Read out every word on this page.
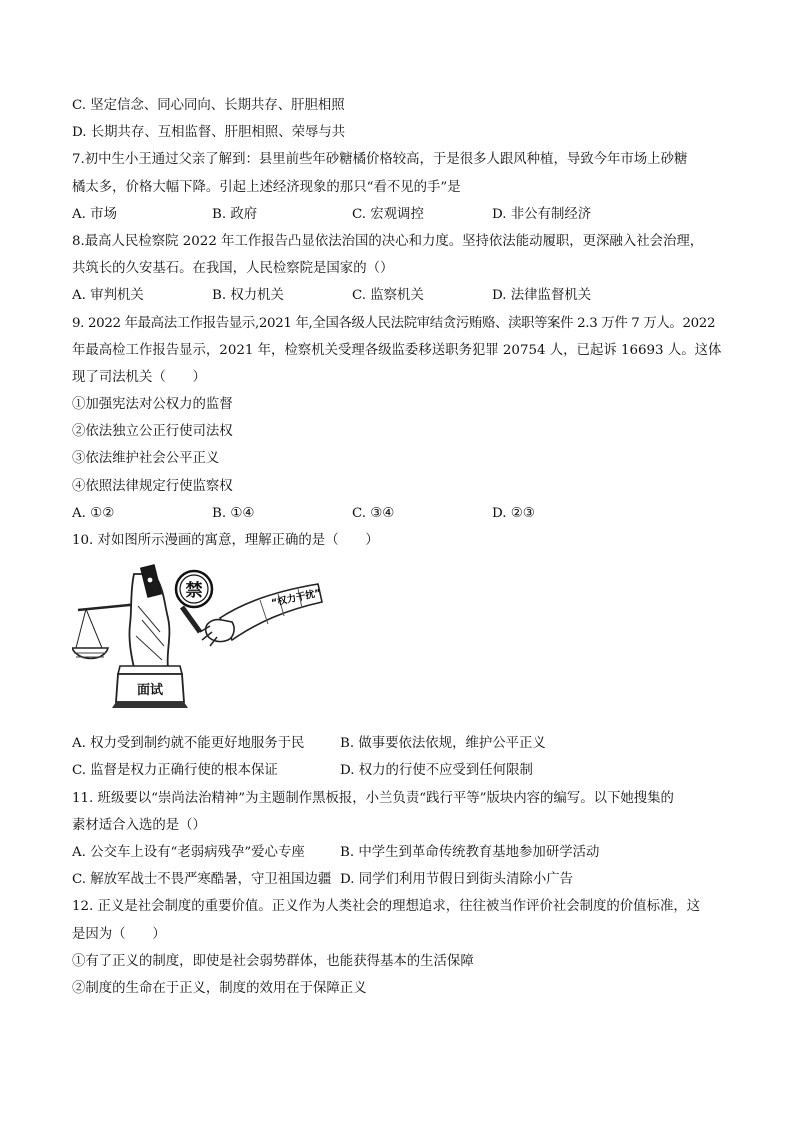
C. 坚定信念、同心同向、长期共存、肝胆相照
D. 长期共存、互相监督、肝胆相照、荣辱与共
7.初中生小王通过父亲了解到：县里前些年砂糖橘价格较高，于是很多人跟风种植，导致今年市场上砂糖
橘太多，价格大幅下降。引起上述经济现象的那只“看不见的手”是
A. 市场	B. 政府	C. 宏观调控	D. 非公有制经济
8.最高人民检察院 2022 年工作报告凸显依法治国的决心和力度。坚持依法能动履职，更深融入社会治理，
共筑长的久安基石。在我国，人民检察院是国家的（）
A. 审判机关	B. 权力机关	C. 监察机关	D. 法律监督机关
9. 2022 年最高法工作报告显示,2021 年,全国各级人民法院审结贪污贿赂、渎职等案件 2.3 万件 7 万人。2022
年最高检工作报告显示，2021 年，检察机关受理各级监委移送职务犯罪 20754 人，已起诉 16693 人。这体
现了司法机关（　　）
①加强宪法对公权力的监督
②依法独立公正行使司法权
③依法维护社会公平正义
④依照法律规定行使监察权
A. ①②	B. ①④	C. ③④	D. ②③
10. 对如图所示漫画的寓意，理解正确的是（　　）
“权力干扰”
禁
面试
A. 权力受到制约就不能更好地服务于民	B. 做事要依法依规，维护公平正义
C. 监督是权力正确行使的根本保证	D. 权力的行使不应受到任何限制
11. 班级要以“崇尚法治精神”为主题制作黑板报，小兰负责“践行平等”版块内容的编写。以下她搜集的
素材适合入选的是（）
A. 公交车上设有“老弱病残孕”爱心专座	B. 中学生到革命传统教育基地参加研学活动
C. 解放军战士不畏严寒酷暑，守卫祖国边疆 D. 同学们利用节假日到街头清除小广告
12. 正义是社会制度的重要价值。正义作为人类社会的理想追求，往往被当作评价社会制度的价值标准，这
是因为（　　）
①有了正义的制度，即使是社会弱势群体，也能获得基本的生活保障
②制度的生命在于正义，制度的效用在于保障正义
